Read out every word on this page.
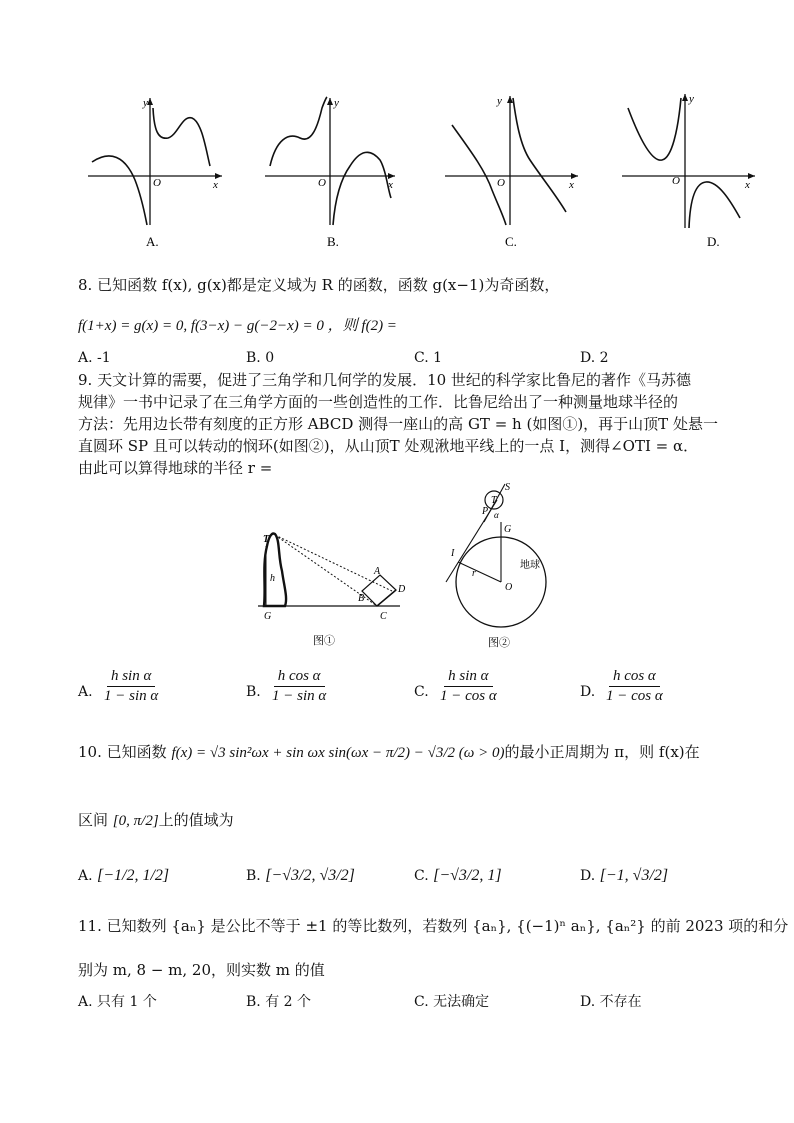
y
x
O
A.
y
x
O
B.
y
x
O
C.
y
x
O
D.
8. 已知函数 f(x), g(x)都是定义域为 R 的函数，函数 g(x−1)为奇函数，
f(1+x) = g(x) = 0, f(3−x) − g(−2−x) = 0 ，则 f(2) =
A. -1	B. 0	C. 1	D. 2
9. 天文计算的需要，促进了三角学和几何学的发展．10 世纪的科学家比鲁尼的著作《马苏德
规律》一书中记录了在三角学方面的一些创造性的工作．比鲁尼给出了一种测量地球半径的
方法：先用边长带有刻度的正方形 ABCD 测得一座山的高 GT = h (如图①)，再于山顶T 处悬一
直圆环 SP 且可以转动的悯环(如图②)，从山顶T 处观湫地平线上的一点 I，测得∠OTI = α．
由此可以算得地球的半径 r =
T
h
G
B
C
A
D
图①
S
T
P α
G
I
r
O
地球
图②
A. $\frac{\text{h sin α}}{\text{1 − sin α}}$	B. $\frac{\text{h cos α}}{\text{1 − sin α}}$	C. $\frac{\text{h sin α}}{\text{1 − cos α}}$	D. $\frac{\text{h cos α}}{\text{1 − cos α}}$
10. 已知函数 f(x) = √3 sin²ωx + sin ωx sin(ωx − π/2) − √3/2 (ω > 0)的最小正周期为 π，则 f(x)在
区间 [0, π/2]上的值域为
A. [−1/2, 1/2]	B. [−√3/2, √3/2]	C. [−√3/2, 1]	D. [−1, √3/2]
11. 已知数列 {aₙ} 是公比不等于 ±1 的等比数列，若数列 {aₙ}, {(−1)ⁿ aₙ}, {aₙ²} 的前 2023 项的和分
别为 m, 8 − m, 20，则实数 m 的值
A. 只有 1 个	B. 有 2 个	C. 无法确定	D. 不存在
